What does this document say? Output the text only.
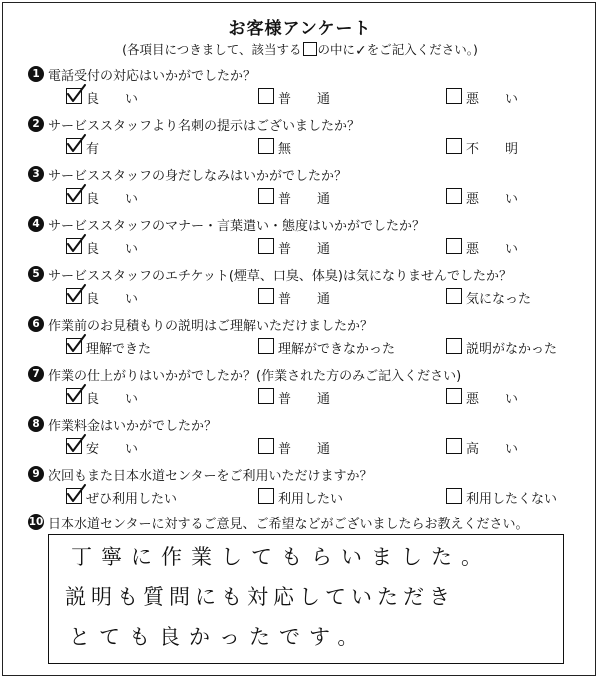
お客様アンケート
(各項目につきまして、該当する の中に✓をご記入ください。)
1 電話受付の対応はいかがでしたか？
良　　い	普　　通	悪　　い
2 サービススタッフより名刺の提示はございましたか？
有	無	不　　明
3 サービススタッフの身だしなみはいかがでしたか？
良　　い	普　　通	悪　　い
4 サービススタッフのマナー・言葉遣い・態度はいかがでしたか？
良　　い	普　　通	悪　　い
5 サービススタッフのエチケット(煙草、口臭、体臭)は気になりませんでしたか？
良　　い	普　　通	気になった
6 作業前のお見積もりの説明はご理解いただけましたか？
理解できた	理解ができなかった	説明がなかった
7 作業の仕上がりはいかがでしたか？(作業された方のみご記入ください)
良　　い	普　　通	悪　　い
8 作業料金はいかがでしたか？
安　　い	普　　通	高　　い
9 次回もまた日本水道センターをご利用いただけますか？
ぜひ利用したい	利用したい	利用したくない
10 日本水道センターに対するご意見、ご希望などがございましたらお教えください。
丁寧に作業してもらいました。
説明も質問にも対応していただき
とても良かったです。
